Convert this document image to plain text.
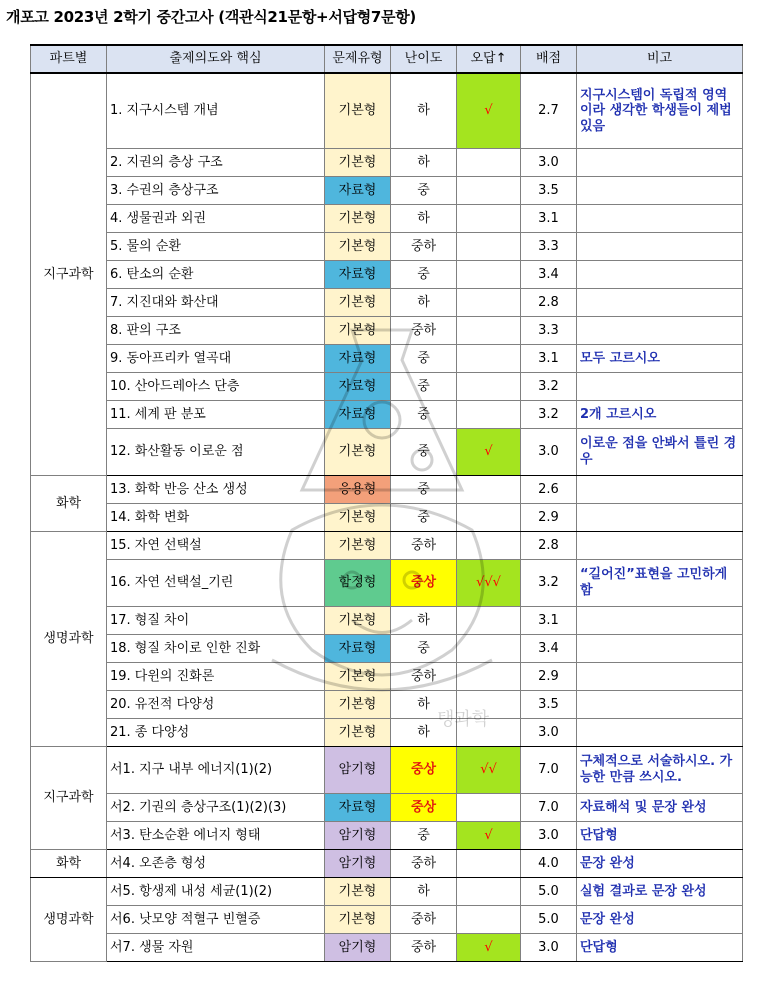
개포고 2023년 2학기 중간고사 (객관식21문항+서답형7문항)
파트별	출제의도와 핵심	문제유형	난이도	오답↑	배점	비고
지구과학	1. 지구시스템 개념	기본형	하	√	2.7	지구시스템이 독립적 영역이라 생각한 학생들이 제법 있음
	2. 지권의 층상 구조	기본형	하		3.0	
	3. 수권의 층상구조	자료형	중		3.5	
	4. 생물권과 외권	기본형	하		3.1	
	5. 물의 순환	기본형	중하		3.3	
	6. 탄소의 순환	자료형	중		3.4	
	7. 지진대와 화산대	기본형	하		2.8	
	8. 판의 구조	기본형	중하		3.3	
	9. 동아프리카 열곡대	자료형	중		3.1	모두 고르시오
	10. 산아드레아스 단층	자료형	중		3.2	
	11. 세계 판 분포	자료형	중		3.2	2개 고르시오
	12. 화산활동 이로운 점	기본형	중	√	3.0	이로운 점을 안봐서 틀린 경우
화학	13. 화학 반응 산소 생성	응용형	중		2.6	
	14. 화학 변화	기본형	중		2.9	
생명과학	15. 자연 선택설	기본형	중하		2.8	
	16. 자연 선택설_기린	함정형	중상	√√√	3.2	“길어진”표현을 고민하게 함
	17. 형질 차이	기본형	하		3.1	
	18. 형질 차이로 인한 진화	자료형	중		3.4	
	19. 다윈의 진화론	기본형	중하		2.9	
	20. 유전적 다양성	기본형	하		3.5	
	21. 종 다양성	기본형	하		3.0	
지구과학	서1. 지구 내부 에너지(1)(2)	암기형	중상	√√	7.0	구체적으로 서술하시오. 가능한 만큼 쓰시오.
	서2. 기권의 층상구조(1)(2)(3)	자료형	중상		7.0	자료해석 및 문장 완성
	서3. 탄소순환 에너지 형태	암기형	중	√	3.0	단답형
화학	서4. 오존층 형성	암기형	중하		4.0	문장 완성
생명과학	서5. 항생제 내성 세균(1)(2)	기본형	하		5.0	실험 결과로 문장 완성
	서6. 낫모양 적혈구 빈혈증	기본형	중하		5.0	문장 완성
	서7. 생물 자원	암기형	중하	√	3.0	단답형
탱과학
